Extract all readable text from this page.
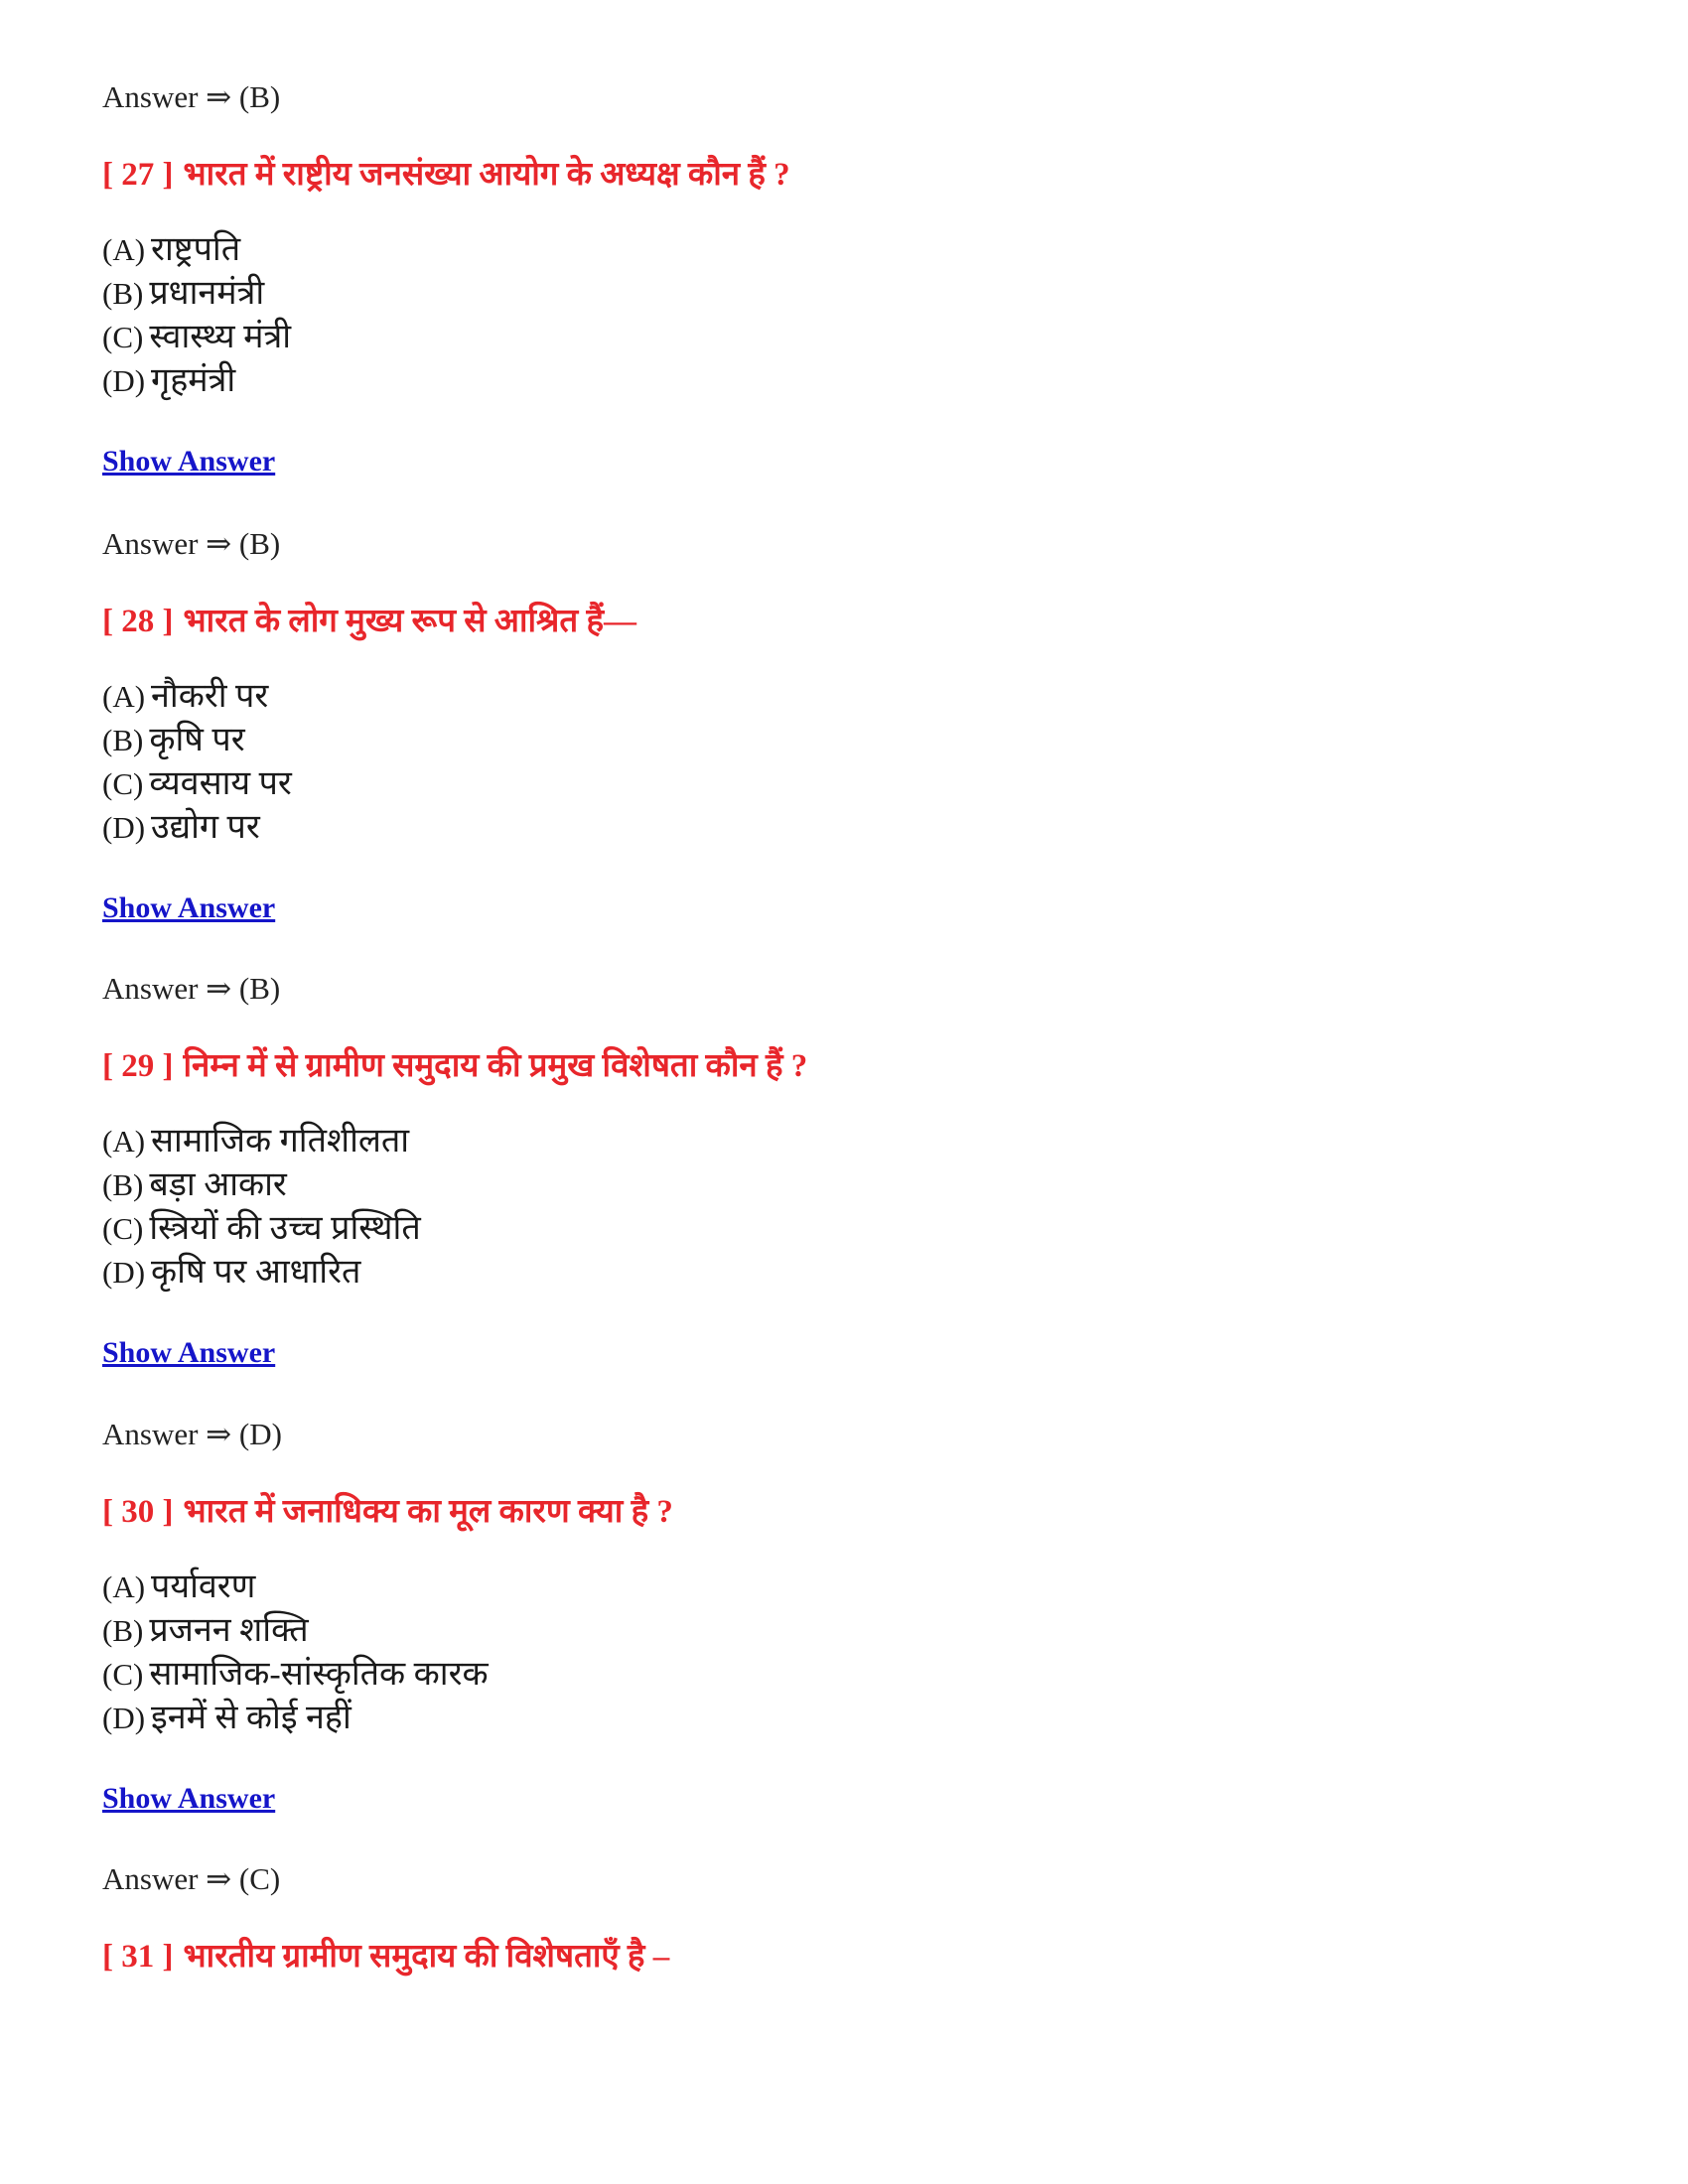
Answer ⇒ (B)
[ 27 ] भारत में राष्ट्रीय जनसंख्या आयोग के अध्यक्ष कौन हैं ?
(A) राष्ट्रपति
(B) प्रधानमंत्री
(C) स्वास्थ्य मंत्री
(D) गृहमंत्री
Show Answer
Answer ⇒ (B)
[ 28 ] भारत के लोग मुख्य रूप से आश्रित हैं—
(A) नौकरी पर
(B) कृषि पर
(C) व्यवसाय पर
(D) उद्योग पर
Show Answer
Answer ⇒ (B)
[ 29 ] निम्न में से ग्रामीण समुदाय की प्रमुख विशेषता कौन हैं ?
(A) सामाजिक गतिशीलता
(B) बड़ा आकार
(C) स्त्रियों की उच्च प्रस्थिति
(D) कृषि पर आधारित
Show Answer
Answer ⇒ (D)
[ 30 ] भारत में जनाधिक्य का मूल कारण क्या है ?
(A) पर्यावरण
(B) प्रजनन शक्ति
(C) सामाजिक-सांस्कृतिक कारक
(D) इनमें से कोई नहीं
Show Answer
Answer ⇒ (C)
[ 31 ] भारतीय ग्रामीण समुदाय की विशेषताएँ है –
